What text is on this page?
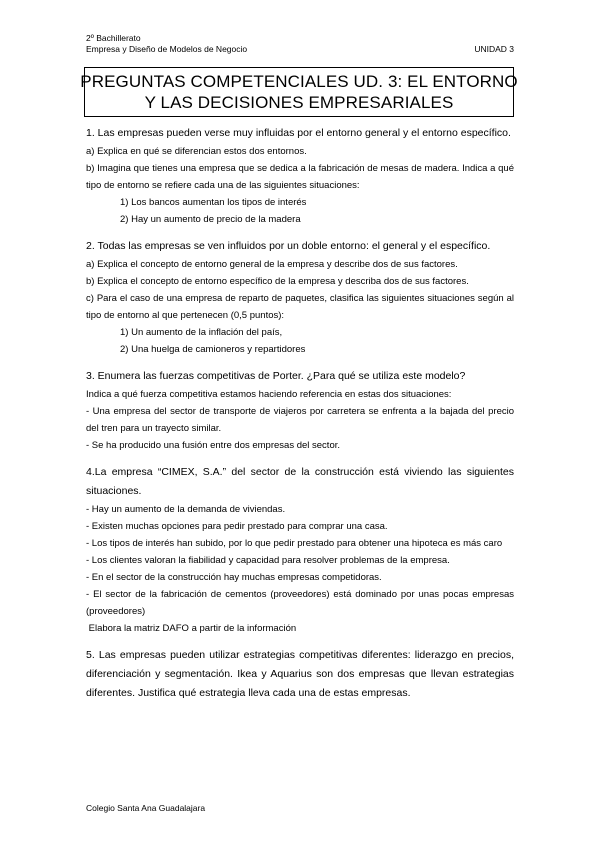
2º Bachillerato
Empresa y Diseño de Modelos de Negocio	UNIDAD 3
PREGUNTAS COMPETENCIALES UD. 3: EL ENTORNO
Y LAS DECISIONES EMPRESARIALES

1. Las empresas pueden verse muy influidas por el entorno general y el entorno específico.

a) Explica en qué se diferencian estos dos entornos.

b) Imagina que tienes una empresa que se dedica a la fabricación de mesas de madera. Indica a qué tipo de entorno se refiere cada una de las siguientes situaciones:

1) Los bancos aumentan los tipos de interés

2) Hay un aumento de precio de la madera

2. Todas las empresas se ven influidos por un doble entorno: el general y el específico.

a) Explica el concepto de entorno general de la empresa y describe dos de sus factores.

b) Explica el concepto de entorno específico de la empresa y describa dos de sus factores.

c) Para el caso de una empresa de reparto de paquetes, clasifica las siguientes situaciones según al tipo de entorno al que pertenecen (0,5 puntos):

1) Un aumento de la inflación del país,

2) Una huelga de camioneros y repartidores

3. Enumera las fuerzas competitivas de Porter. ¿Para qué se utiliza este modelo?

Indica a qué fuerza competitiva estamos haciendo referencia en estas dos situaciones:

- Una empresa del sector de transporte de viajeros por carretera se enfrenta a la bajada del precio del tren para un trayecto similar.

- Se ha producido una fusión entre dos empresas del sector.

4.La empresa “CIMEX, S.A.” del sector de la construcción está viviendo las siguientes situaciones.

- Hay un aumento de la demanda de viviendas.

- Existen muchas opciones para pedir prestado para comprar una casa.

- Los tipos de interés han subido, por lo que pedir prestado para obtener una hipoteca es más caro

- Los clientes valoran la fiabilidad y capacidad para resolver problemas de la empresa.

- En el sector de la construcción hay muchas empresas competidoras.

- El sector de la fabricación de cementos (proveedores) está dominado por unas pocas empresas (proveedores)

Elabora la matriz DAFO a partir de la información

5. Las empresas pueden utilizar estrategias competitivas diferentes: liderazgo en precios, diferenciación y segmentación. Ikea y Aquarius son dos empresas que llevan estrategias diferentes. Justifica qué estrategia lleva cada una de estas empresas.

Colegio Santa Ana Guadalajara
